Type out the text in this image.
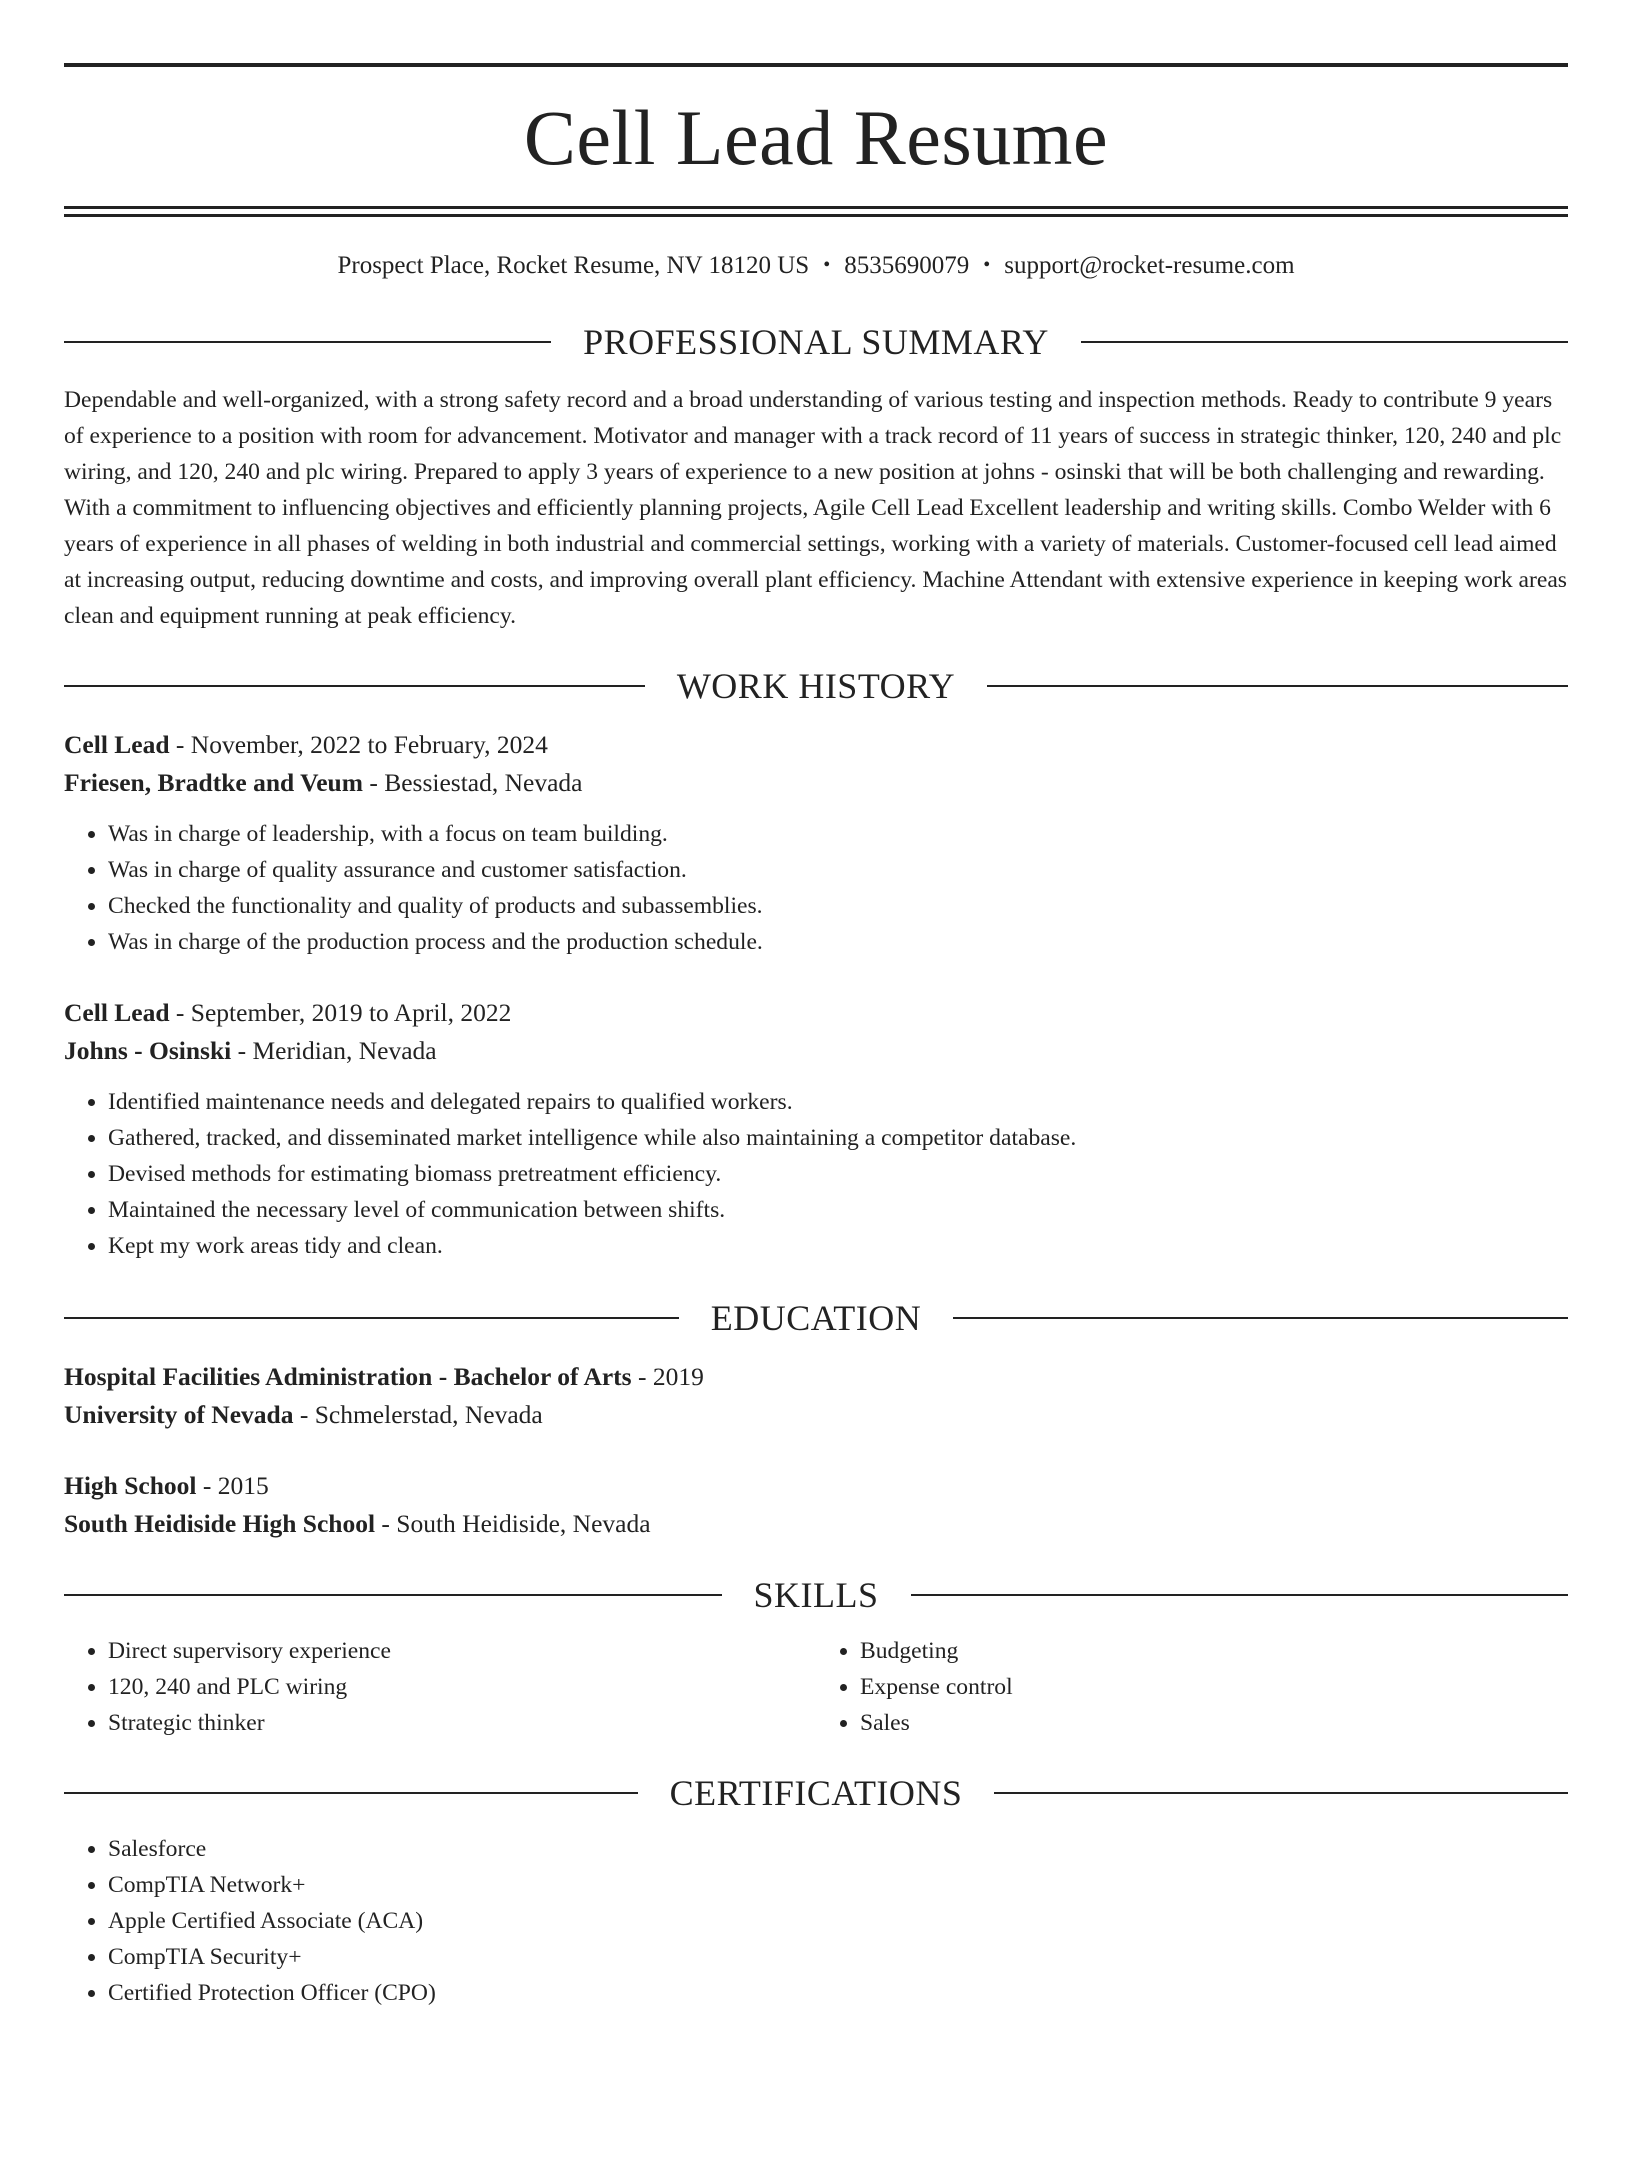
Cell Lead Resume
Prospect Place, Rocket Resume, NV 18120 US • 8535690079 • support@rocket-resume.com
PROFESSIONAL SUMMARY
Dependable and well-organized, with a strong safety record and a broad understanding of various testing and inspection methods. Ready to contribute 9 years of experience to a position with room for advancement. Motivator and manager with a track record of 11 years of success in strategic thinker, 120, 240 and plc wiring, and 120, 240 and plc wiring. Prepared to apply 3 years of experience to a new position at johns - osinski that will be both challenging and rewarding. With a commitment to influencing objectives and efficiently planning projects, Agile Cell Lead Excellent leadership and writing skills. Combo Welder with 6 years of experience in all phases of welding in both industrial and commercial settings, working with a variety of materials. Customer-focused cell lead aimed at increasing output, reducing downtime and costs, and improving overall plant efficiency. Machine Attendant with extensive experience in keeping work areas clean and equipment running at peak efficiency.
WORK HISTORY
Cell Lead - November, 2022 to February, 2024
Friesen, Bradtke and Veum - Bessiestad, Nevada
• Was in charge of leadership, with a focus on team building.
• Was in charge of quality assurance and customer satisfaction.
• Checked the functionality and quality of products and subassemblies.
• Was in charge of the production process and the production schedule.
Cell Lead - September, 2019 to April, 2022
Johns - Osinski - Meridian, Nevada
• Identified maintenance needs and delegated repairs to qualified workers.
• Gathered, tracked, and disseminated market intelligence while also maintaining a competitor database.
• Devised methods for estimating biomass pretreatment efficiency.
• Maintained the necessary level of communication between shifts.
• Kept my work areas tidy and clean.
EDUCATION
Hospital Facilities Administration - Bachelor of Arts - 2019
University of Nevada - Schmelerstad, Nevada
High School - 2015
South Heidiside High School - South Heidiside, Nevada
SKILLS
• Direct supervisory experience
• 120, 240 and PLC wiring
• Strategic thinker
• Budgeting
• Expense control
• Sales
CERTIFICATIONS
• Salesforce
• CompTIA Network+
• Apple Certified Associate (ACA)
• CompTIA Security+
• Certified Protection Officer (CPO)
